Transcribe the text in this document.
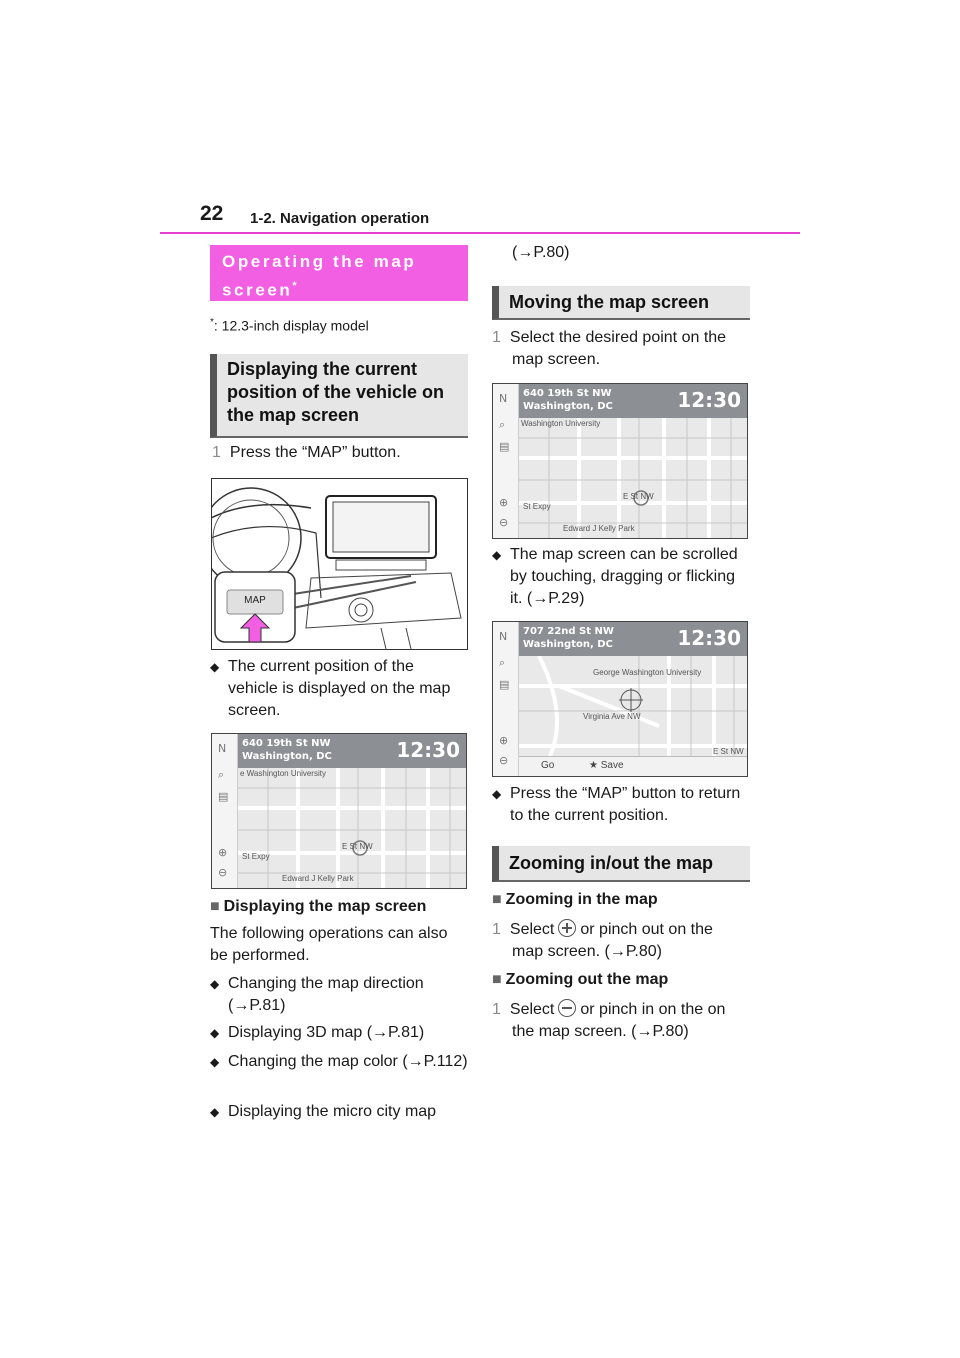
22 1-2. Navigation operation
Operating the map screen*
*: 12.3-inch display model
Displaying the current position of the vehicle on the map screen
1 Press the “MAP” button.
MAP
◆ The current position of the vehicle is displayed on the map screen.
N
⌕
▤
⊕
⊖
640 19th St NW
Washington, DC	12:30
e Washington University
E St NW
St Expy
Edward J Kelly Park
■ Displaying the map screen
The following operations can also be performed.
◆ Changing the map direction (→P.81)
◆ Displaying 3D map (→P.81)
◆ Changing the map color (→P.112)
◆ Displaying the micro city map
(→P.80)
Moving the map screen
1 Select the desired point on the map screen.
N
⌕
▤
⊕
⊖
640 19th St NW
Washington, DC	12:30
Washington University
E St NW
St Expy
Edward J Kelly Park
◆ The map screen can be scrolled by touching, dragging or flicking it. (→P.29)
N
⌕
▤
⊕
⊖
707 22nd St NW
Washington, DC	12:30
George Washington University
Virginia Ave NW
E St NW
Go	★ Save
◆ Press the “MAP” button to return to the current position.
Zooming in/out the map
■ Zooming in the map
1 Select or pinch out on the map screen. (→P.80)
■ Zooming out the map
1 Select or pinch in on the on the map screen. (→P.80)
